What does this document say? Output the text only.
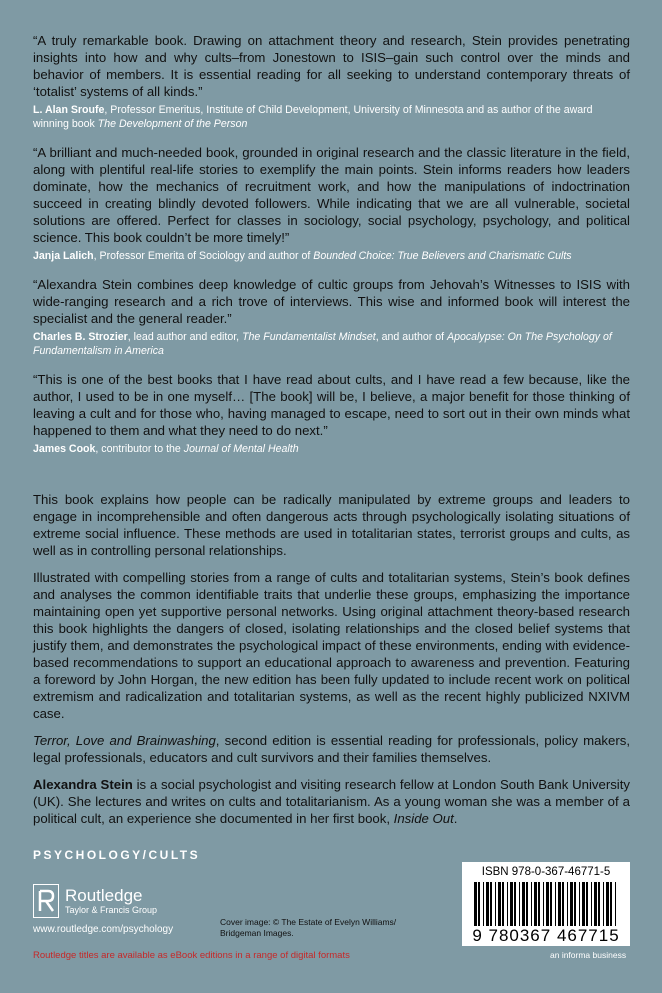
“A truly remarkable book. Drawing on attachment theory and research, Stein provides penetrating insights into how and why cults–from Jonestown to ISIS–gain such control over the minds and behavior of members. It is essential reading for all seeking to understand contemporary threats of ‘totalist’ systems of all kinds.”

L. Alan Sroufe, Professor Emeritus, Institute of Child Development, University of Minnesota and as author of the award winning book The Development of the Person

“A brilliant and much-needed book, grounded in original research and the classic literature in the field, along with plentiful real-life stories to exemplify the main points. Stein informs readers how leaders dominate, how the mechanics of recruitment work, and how the manipulations of indoctrination succeed in creating blindly devoted followers. While indicating that we are all vulnerable, societal solutions are offered. Perfect for classes in sociology, social psychology, psychology, and political science. This book couldn’t be more timely!”

Janja Lalich, Professor Emerita of Sociology and author of Bounded Choice: True Believers and Charismatic Cults

“Alexandra Stein combines deep knowledge of cultic groups from Jehovah’s Witnesses to ISIS with wide-ranging research and a rich trove of interviews. This wise and informed book will interest the specialist and the general reader.”

Charles B. Strozier, lead author and editor, The Fundamentalist Mindset, and author of Apocalypse: On The Psychology of Fundamentalism in America

“This is one of the best books that I have read about cults, and I have read a few because, like the author, I used to be in one myself… [The book] will be, I believe, a major benefit for those thinking of leaving a cult and for those who, having managed to escape, need to sort out in their own minds what happened to them and what they need to do next.”

James Cook, contributor to the Journal of Mental Health

This book explains how people can be radically manipulated by extreme groups and leaders to engage in incomprehensible and often dangerous acts through psychologically isolating situations of extreme social influence. These methods are used in totalitarian states, terrorist groups and cults, as well as in controlling personal relationships.

Illustrated with compelling stories from a range of cults and totalitarian systems, Stein’s book defines and analyses the common identifiable traits that underlie these groups, emphasizing the importance maintaining open yet supportive personal networks. Using original attachment theory-based research this book highlights the dangers of closed, isolating relationships and the closed belief systems that justify them, and demonstrates the psychological impact of these environments, ending with evidence-based recommendations to support an educational approach to awareness and prevention. Featuring a foreword by John Horgan, the new edition has been fully updated to include recent work on political extremism and radicalization and totalitarian systems, as well as the recent highly publicized NXIVM case.

Terror, Love and Brainwashing, second edition is essential reading for professionals, policy makers, legal professionals, educators and cult survivors and their families themselves.

Alexandra Stein is a social psychologist and visiting research fellow at London South Bank University (UK). She lectures and writes on cults and totalitarianism. As a young woman she was a member of a political cult, an experience she documented in her first book, Inside Out.

PSYCHOLOGY/CULTS
Routledge
Taylor & Francis Group
www.routledge.com/psychology
Cover image: © The Estate of Evelyn Williams/
Bridgeman Images.
Routledge titles are available as eBook editions in a range of digital formats
ISBN 978-0-367-46771-5
9 780367 467715
an informa business
